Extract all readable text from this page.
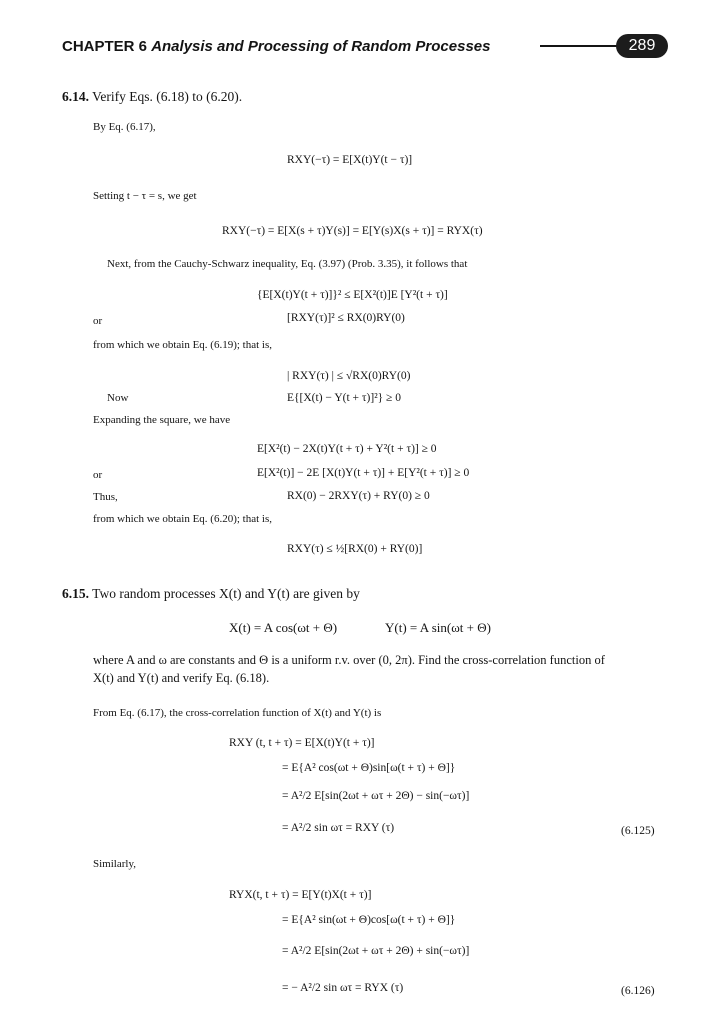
CHAPTER 6 Analysis and Processing of Random Processes	289
6.14. Verify Eqs. (6.18) to (6.20).
By Eq. (6.17),
RXY(−τ) = E[X(t)Y(t − τ)]
Setting t − τ = s, we get
RXY(−τ) = E[X(s + τ)Y(s)] = E[Y(s)X(s + τ)] = RYX(τ)
Next, from the Cauchy-Schwarz inequality, Eq. (3.97) (Prob. 3.35), it follows that
{E[X(t)Y(t + τ)]}² ≤ E[X²(t)]E [Y²(t + τ)]
or	[RXY(τ)]² ≤ RX(0)RY(0)
from which we obtain Eq. (6.19); that is,
| RXY(τ) | ≤ √RX(0)RY(0)
Now	E{[X(t) − Y(t + τ)]²} ≥ 0
Expanding the square, we have
E[X²(t) − 2X(t)Y(t + τ) + Y²(t + τ)] ≥ 0
or	E[X²(t)] − 2E [X(t)Y(t + τ)] + E[Y²(t + τ)] ≥ 0
Thus,	RX(0) − 2RXY(τ) + RY(0) ≥ 0
from which we obtain Eq. (6.20); that is,
RXY(τ) ≤ ½[RX(0) + RY(0)]
6.15. Two random processes X(t) and Y(t) are given by
X(t) = A cos(ωt + Θ)	Y(t) = A sin(ωt + Θ)
where A and ω are constants and Θ is a uniform r.v. over (0, 2π). Find the cross-correlation function of
X(t) and Y(t) and verify Eq. (6.18).
From Eq. (6.17), the cross-correlation function of X(t) and Y(t) is
RXY (t, t + τ) = E[X(t)Y(t + τ)]
= E{A² cos(ωt + Θ)sin[ω(t + τ) + Θ]}
= A²/2 E[sin(2ωt + ωτ + 2Θ) − sin(−ωτ)]
= A²/2 sin ωτ = RXY (τ)	(6.125)
Similarly,
RYX(t, t + τ) = E[Y(t)X(t + τ)]
= E{A² sin(ωt + Θ)cos[ω(t + τ) + Θ]}
= A²/2 E[sin(2ωt + ωτ + 2Θ) + sin(−ωτ)]
= − A²/2 sin ωτ = RYX (τ)	(6.126)
